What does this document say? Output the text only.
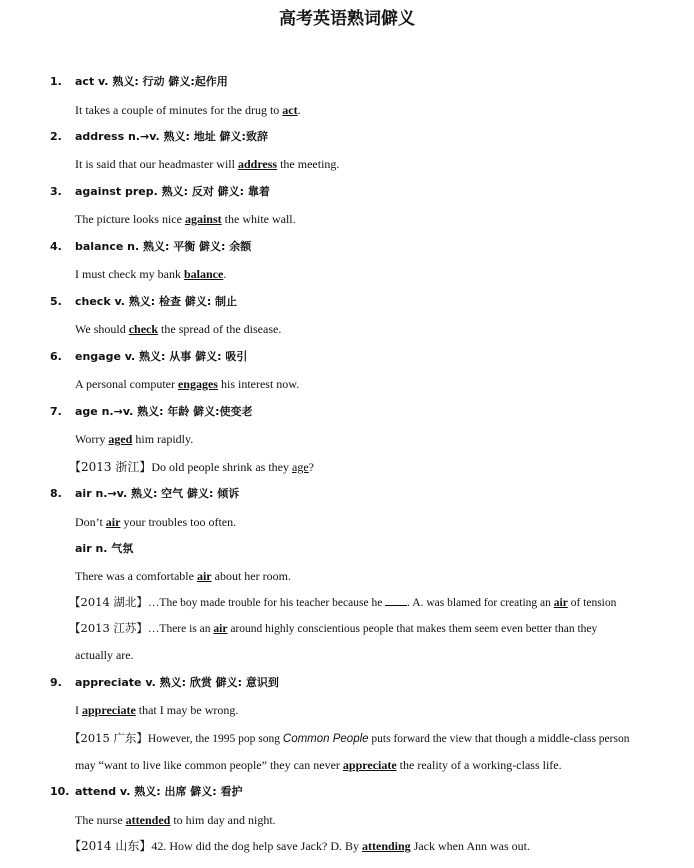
高考英语熟词僻义
1.	act v. 熟义: 行动 僻义:起作用
It takes a couple of minutes for the drug to act.
2.	address n.→v. 熟义: 地址 僻义:致辞
It is said that our headmaster will address the meeting.
3.	against prep. 熟义: 反对 僻义: 靠着
The picture looks nice against the white wall.
4.	balance n. 熟义: 平衡 僻义: 余额
I must check my bank balance.
5.	check v. 熟义: 检查 僻义: 制止
We should check the spread of the disease.
6.	engage v. 熟义: 从事 僻义: 吸引
A personal computer engages his interest now.
7.	age n.→v. 熟义: 年龄 僻义:使变老
Worry aged him rapidly.
【2013 浙江】Do old people shrink as they age?
8.	air n.→v. 熟义: 空气 僻义: 倾诉
Don’t air your troubles too often.
air n. 气氛
There was a comfortable air about her room.
【2014 湖北】…The boy made trouble for his teacher because he . A. was blamed for creating an air of tension
【2013 江苏】…There is an air around highly conscientious people that makes them seem even better than they
actually are.
9.	appreciate v. 熟义: 欣赏 僻义: 意识到
I appreciate that I may be wrong.
【2015 广东】However, the 1995 pop song Common People puts forward the view that though a middle-class person
may “want to live like common people” they can never appreciate the reality of a working-class life.
10. attend v. 熟义: 出席 僻义: 看护
The nurse attended to him day and night.
【2014 山东】42. How did the dog help save Jack? D. By attending Jack when Ann was out.
